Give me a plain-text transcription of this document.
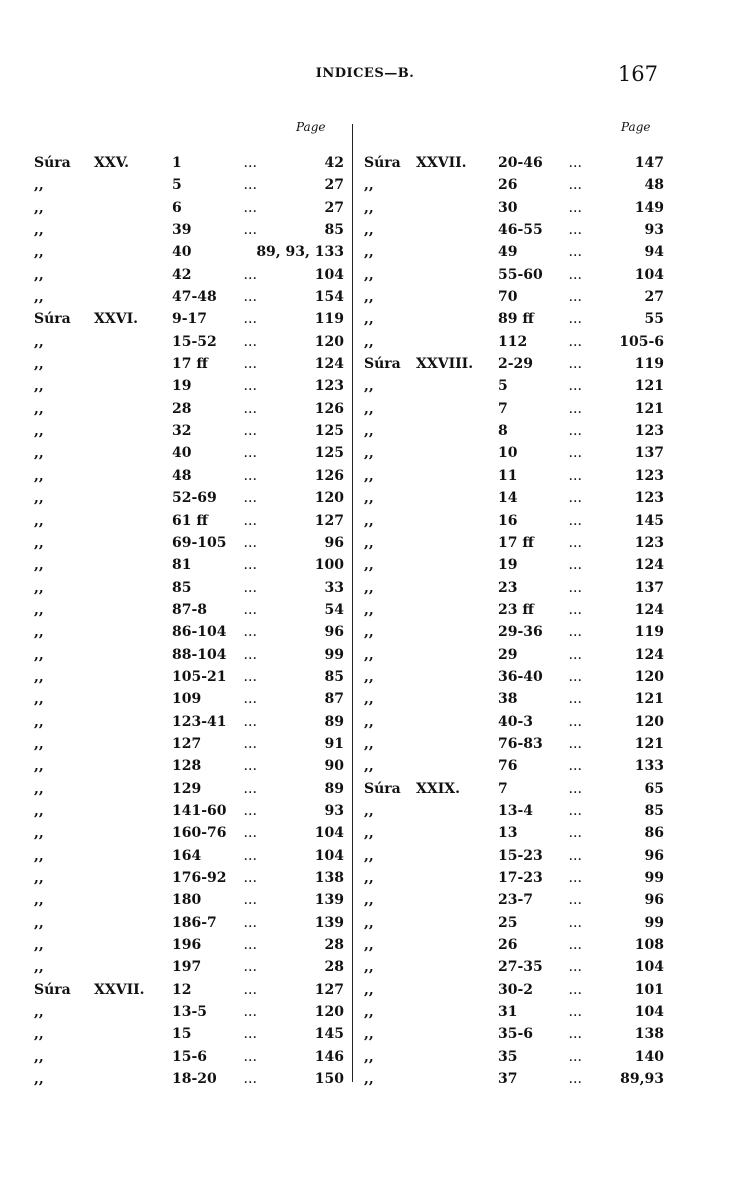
INDICES—B.	167
Page	Page
Súra XXV.	1	...	42
,,	5	...	27
,,	6	...	27
,,	39	...	85
,,	40	89, 93, 133
,,	42	...	104
,,	47-48	...	154
Súra XXVI. 9-17	...	119
,,	15-52	...	120
,,	17 ff	...	124
,,	19	...	123
,,	28	...	126
,,	32	...	125
,,	40	...	125
,,	48	...	126
,,	52-69	...	120
,,	61 ff	...	127
,,	69-105 ...	96
,,	81	...	100
,,	85	...	33
,,	87-8	...	54
,,	86-104 ...	96
,,	88-104 ...	99
,,	105-21 ...	85
,,	109	...	87
,,	123-41 ...	89
,,	127	...	91
,,	128	...	90
,,	129	...	89
,,	141-60 ...	93
,,	160-76 ...	104
,,	164	...	104
,,	176-92 ...	138
,,	180	...	139
,,	186-7	...	139
,,	196	...	28
,,	197	...	28
Súra XXVII. 12	...	127
,,	13-5	...	120
,,	15	...	145
,,	15-6	...	146
,,	18-20	...	150
Súra XXVII. 20-46	...	147
,,	26	...	48
,,	30	...	149
,,	46-55	...	93
,,	49	...	94
,,	55-60	...	104
,,	70	...	27
,,	89 ff	...	55
,,	112	...	105-6
Súra XXVIII. 2-29	...	119
,,	5	...	121
,,	7	...	121
,,	8	...	123
,,	10	...	137
,,	11	...	123
,,	14	...	123
,,	16	...	145
,,	17 ff	...	123
,,	19	...	124
,,	23	...	137
,,	23 ff	...	124
,,	29-36	...	119
,,	29	...	124
,,	36-40	...	120
,,	38	...	121
,,	40-3	...	120
,,	76-83	...	121
,,	76	...	133
Súra XXIX.	7	...	65
,,	13-4	...	85
,,	13	...	86
,,	15-23	...	96
,,	17-23	...	99
,,	23-7	...	96
,,	25	...	99
,,	26	...	108
,,	27-35	...	104
,,	30-2	...	101
,,	31	...	104
,,	35-6	...	138
,,	35	...	140
,,	37	...	89,93
